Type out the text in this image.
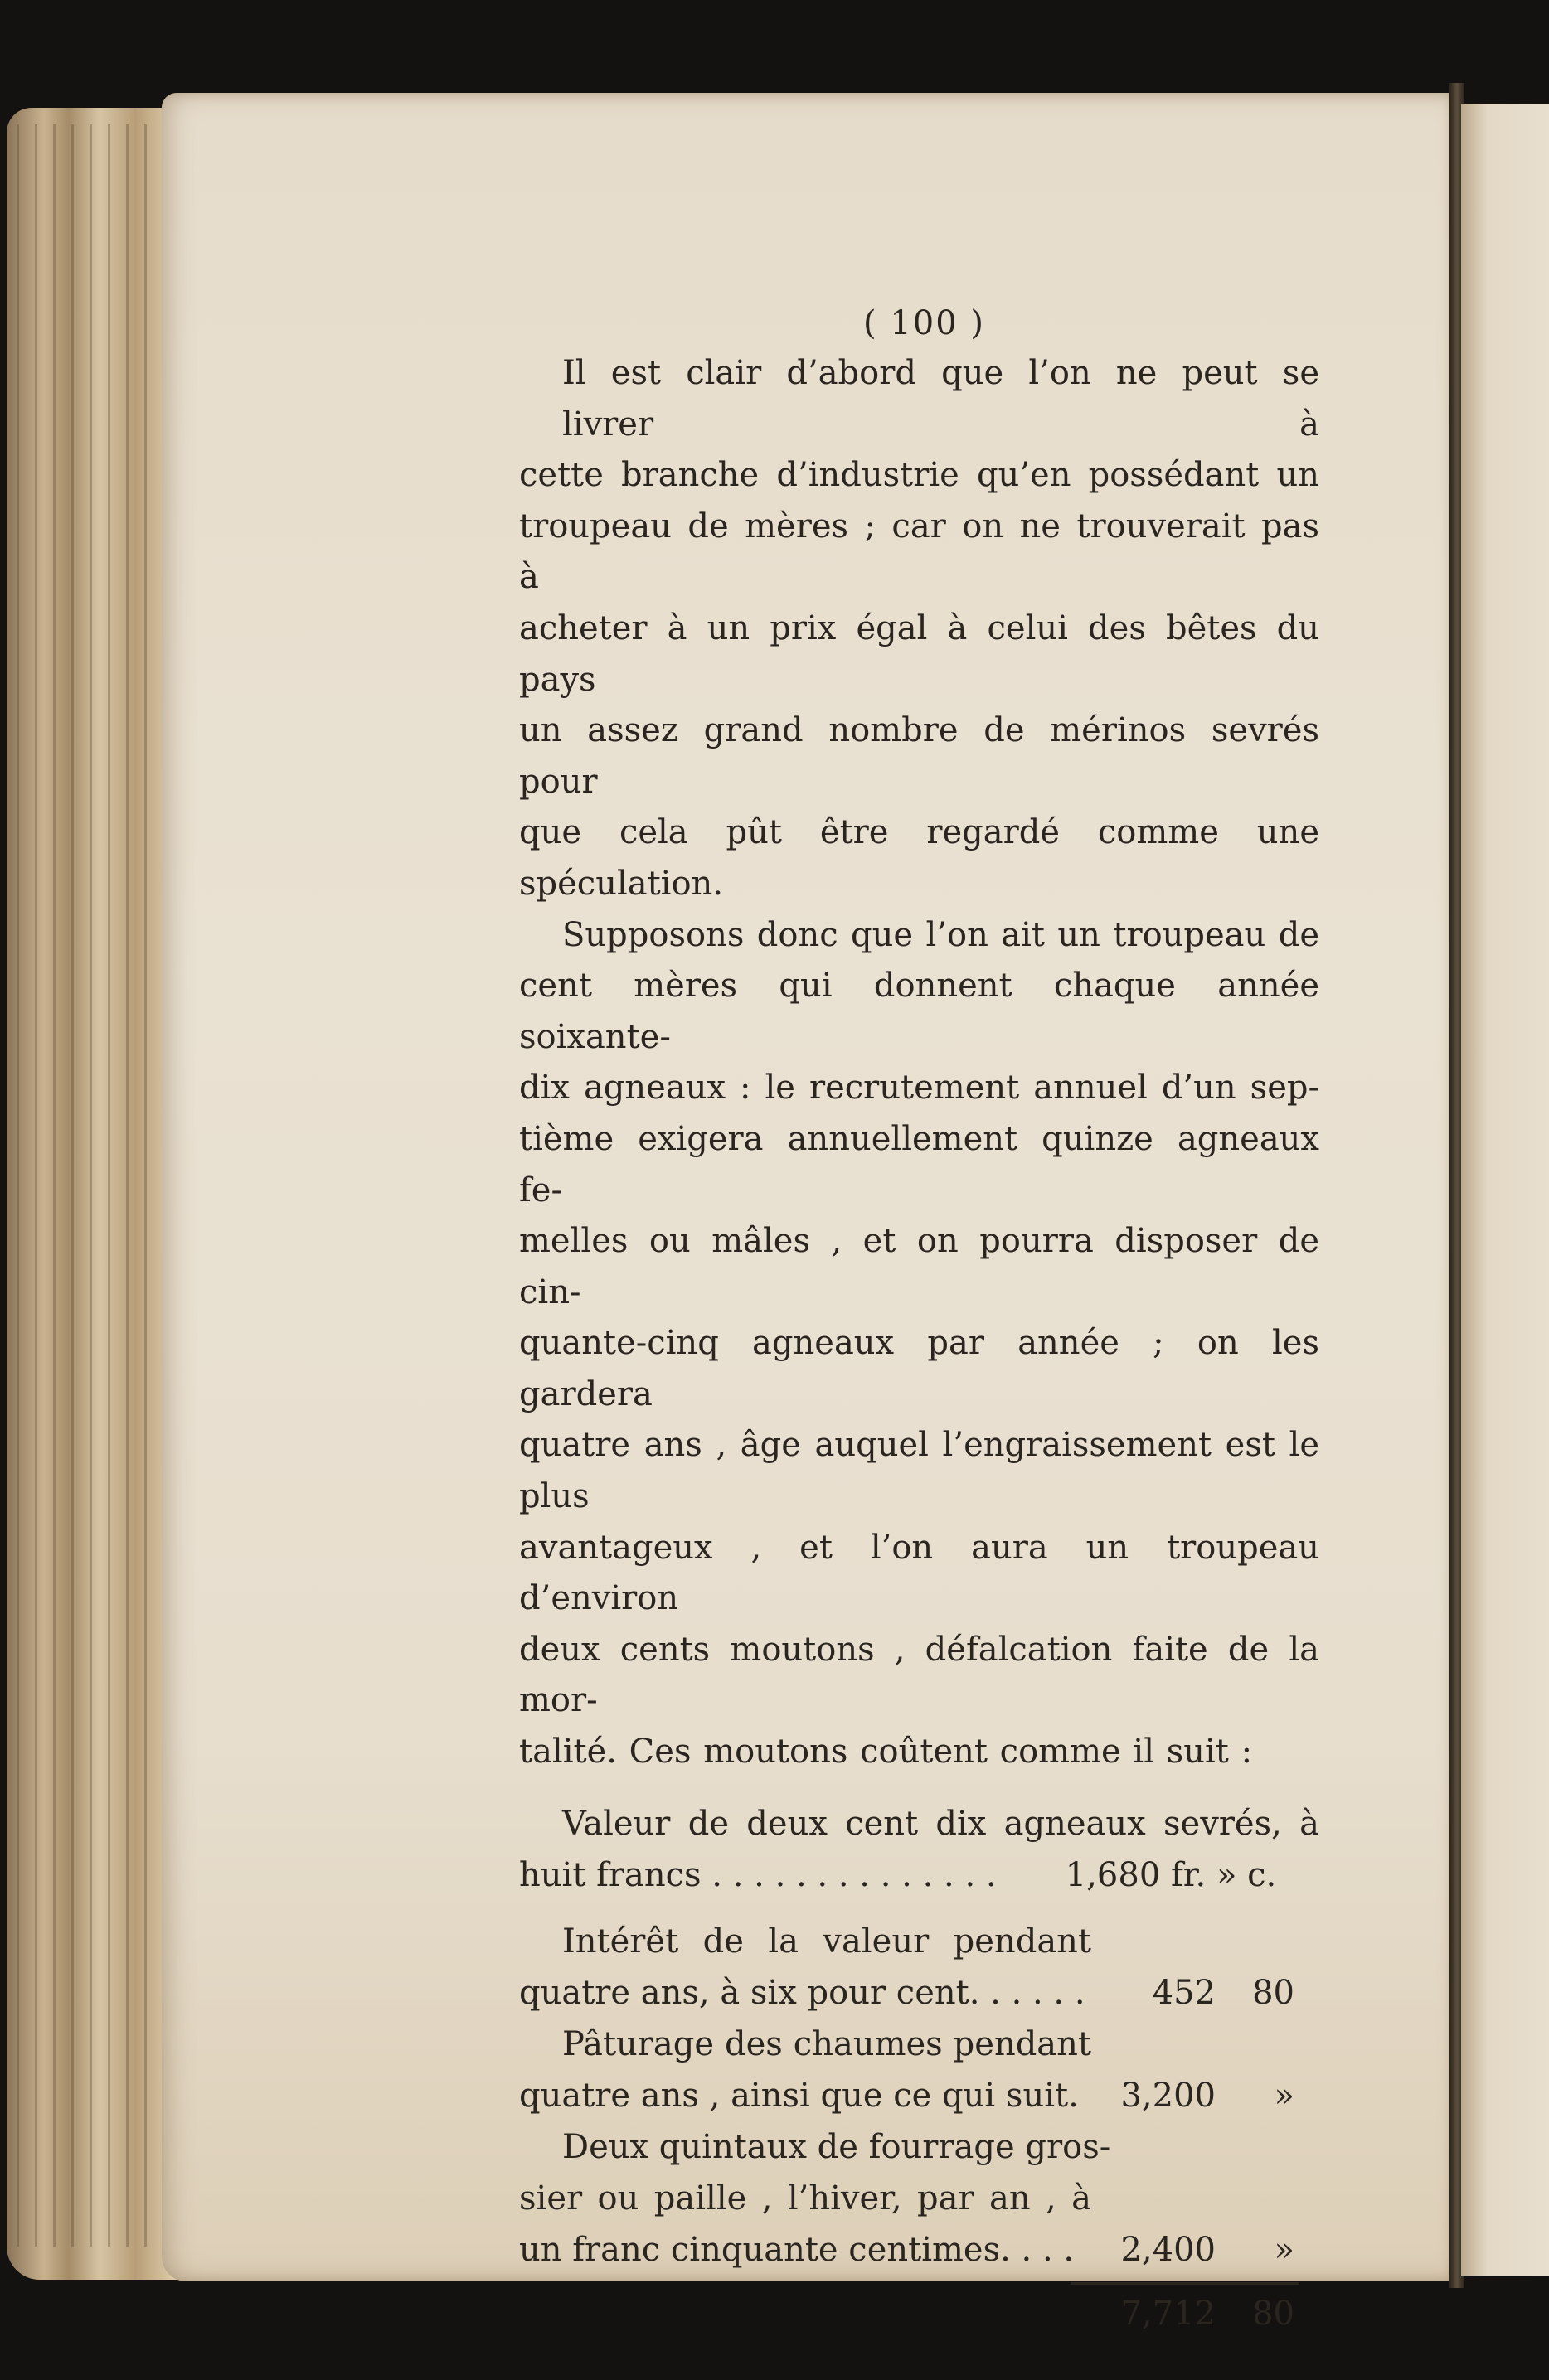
( 100 )

Il est clair d’abord que l’on ne peut se livrer à

cette branche d’industrie qu’en possédant un

troupeau de mères ; car on ne trouverait pas à

acheter à un prix égal à celui des bêtes du pays

un assez grand nombre de mérinos sevrés pour

que cela pût être regardé comme une spéculation.

Supposons donc que l’on ait un troupeau de

cent mères qui donnent chaque année soixante-

dix agneaux : le recrutement annuel d’un sep-

tième exigera annuellement quinze agneaux fe-

melles ou mâles , et on pourra disposer de cin-

quante-cinq agneaux par année ; on les gardera

quatre ans , âge auquel l’engraissement est le plus

avantageux , et l’on aura un troupeau d’environ

deux cents moutons , défalcation faite de la mor-

talité. Ces moutons coûtent comme il suit :

Valeur de deux cent dix agneaux sevrés, à
huit francs . . . . . . . . . . . . . .	1,680 fr. » c.
Intérêt de la valeur pendant
quatre ans, à six pour cent. . . . . .	452	80
Pâturage des chaumes pendant
quatre ans , ainsi que ce qui suit.	3,200	»
Deux quintaux de fourrage gros-
sier ou paille , l’hiver, par an , à
un franc cinquante centimes. . . .	2,400	»
7,712	80
